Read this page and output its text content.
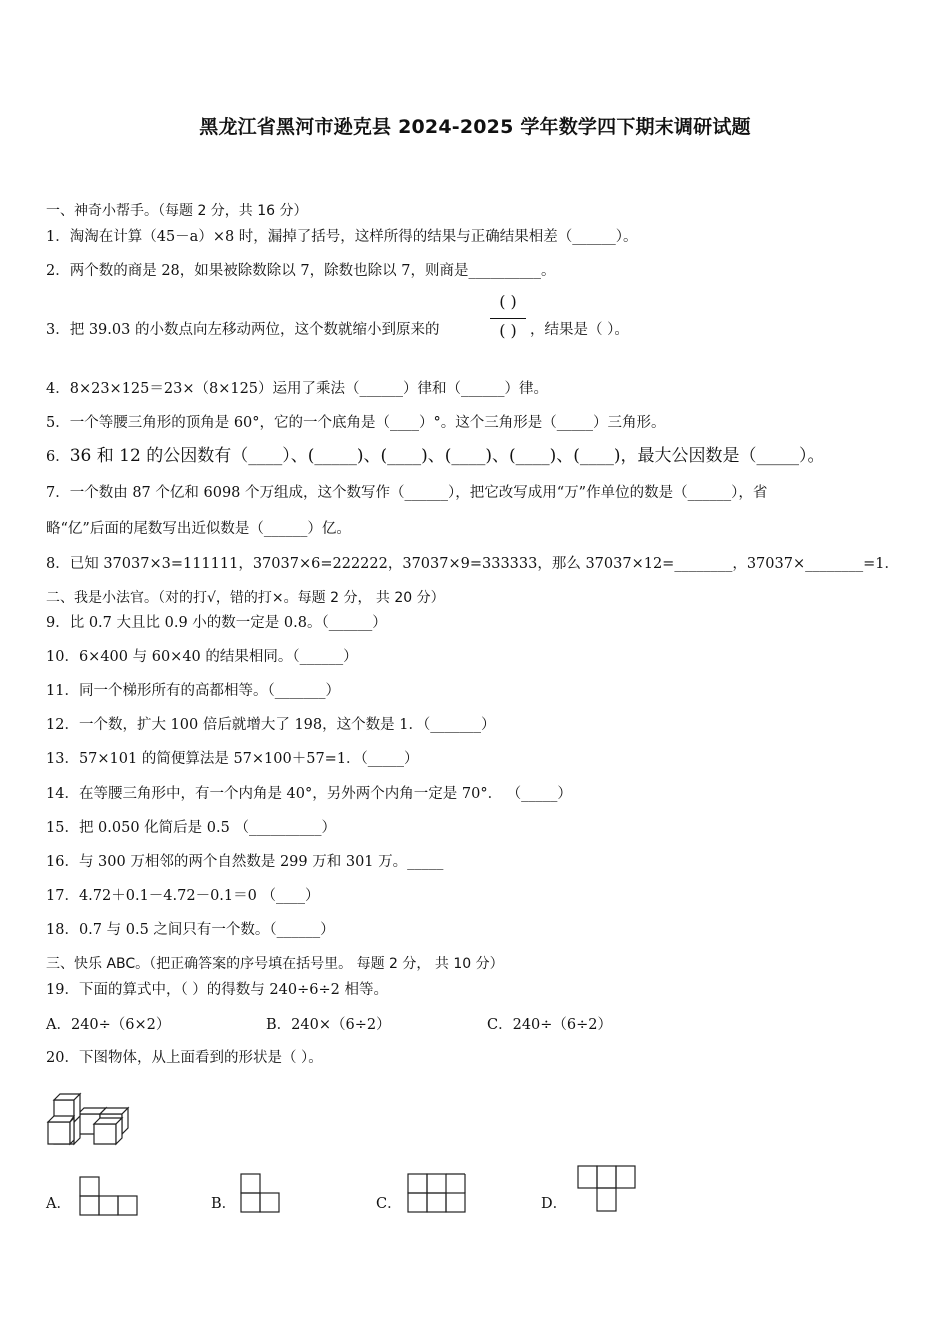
黑龙江省黑河市逊克县 2024-2025 学年数学四下期末调研试题
一、神奇小帮手。（每题 2 分，共 16 分）
1．淘淘在计算（45－a）×8 时，漏掉了括号，这样所得的结果与正确结果相差（______）。
2．两个数的商是 28，如果被除数除以 7，除数也除以 7，则商是__________。
3．把 39.03 的小数点向左移动两位，这个数就缩小到原来的
( )
( ) ，结果是（ ）。
4．8×23×125＝23×（8×125）运用了乘法（______）律和（______）律。
5．一个等腰三角形的顶角是 60°，它的一个底角是（____）°。这个三角形是（_____）三角形。
6．36 和 12 的公因数有（____）、(_____)、(____)、(____)、(____)、(____)，最大公因数是（_____）。
7．一个数由 87 个亿和 6098 个万组成，这个数写作（______），把它改写成用“万”作单位的数是（______），省
略“亿”后面的尾数写出近似数是（______）亿。
8．已知 37037×3=111111，37037×6=222222，37037×9=333333，那么 37037×12=________，37037×________=1．
二、我是小法官。（对的打√，错的打×。每题 2 分， 共 20 分）
9．比 0.7 大且比 0.9 小的数一定是 0.8。（______）
10．6×400 与 60×40 的结果相同。（______）
11．同一个梯形所有的高都相等。（_______）
12．一个数，扩大 100 倍后就增大了 198，这个数是 1．（_______）
13．57×101 的简便算法是 57×100＋57=1．（_____）
14．在等腰三角形中，有一个内角是 40°，另外两个内角一定是 70°． （_____）
15．把 0.050 化简后是 0.5 （__________）
16．与 300 万相邻的两个自然数是 299 万和 301 万。_____
17．4.72＋0.1－4.72－0.1＝0 （____）
18．0.7 与 0.5 之间只有一个数。（______）
三、快乐 ABC。（把正确答案的序号填在括号里。 每题 2 分， 共 10 分）
19．下面的算式中，（ ）的得数与 240÷6÷2 相等。
A．240÷（6×2）	B．240×（6÷2）	C．240÷（6÷2）
20．下图物体，从上面看到的形状是（ ）。
A．	B．	C．	D．
